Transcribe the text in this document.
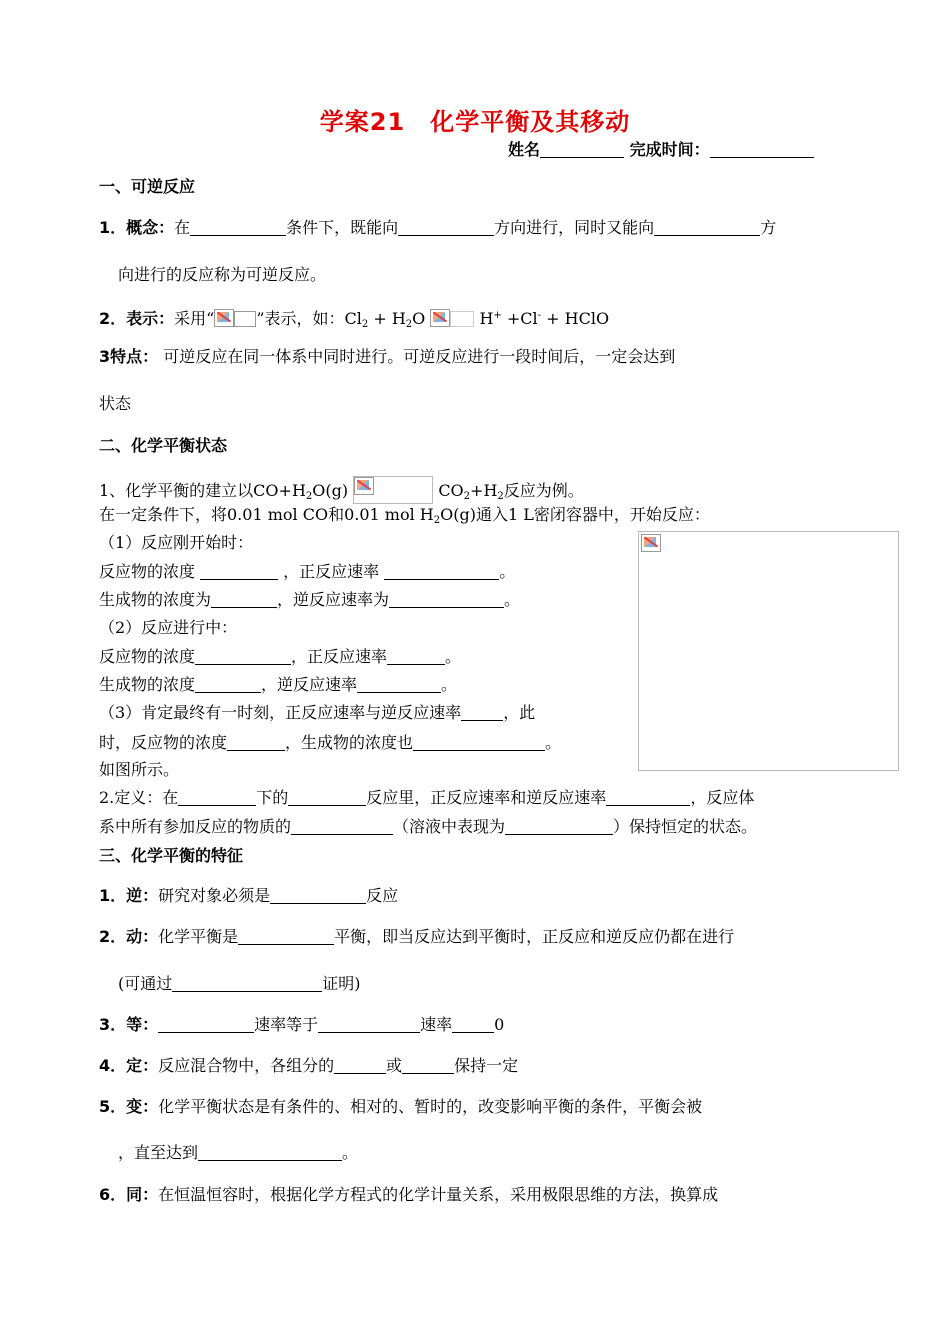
学案21　化学平衡及其移动
姓名	完成时间：
一、可逆反应
1．概念：在	条件下，既能向	方向进行，同时又能向	方
向进行的反应称为可逆反应。
2．表示：采用“	”表示，如：$Cl_2 + H_2O$	H+ +Cl- + HClO
3特点： 可逆反应在同一体系中同时进行。可逆反应进行一段时间后，一定会达到
状态
二、化学平衡状态
1、化学平衡的建立以$CO+H_2O(g)$	$CO_2+H_2$反应为例。
在一定条件下，将0.01 mol CO和0.01 mol $H_2O(g)$通入1 L密闭容器中，开始反应：
（1）反应刚开始时：
反应物的浓度	，正反应速率	。
生成物的浓度为	，逆反应速率为	。
（2）反应进行中：
反应物的浓度	，正反应速率	。
生成物的浓度	，逆反应速率	。
（3）肯定最终有一时刻，正反应速率与逆反应速率	，此
时，反应物的浓度	，生成物的浓度也	。
如图所示。
2.定义：在	下的	反应里，正反应速率和逆反应速率	，反应体
系中所有参加反应的物质的	（溶液中表现为	）保持恒定的状态。
三、化学平衡的特征
1．逆：研究对象必须是	反应
2．动：化学平衡是	平衡，即当反应达到平衡时，正反应和逆反应仍都在进行
(可通过	证明)
3．等：	速率等于	速率	0
4．定：反应混合物中，各组分的	或	保持一定
5．变：化学平衡状态是有条件的、相对的、暂时的，改变影响平衡的条件，平衡会被
，直至达到	。
6．同：在恒温恒容时，根据化学方程式的化学计量关系，采用极限思维的方法，换算成
